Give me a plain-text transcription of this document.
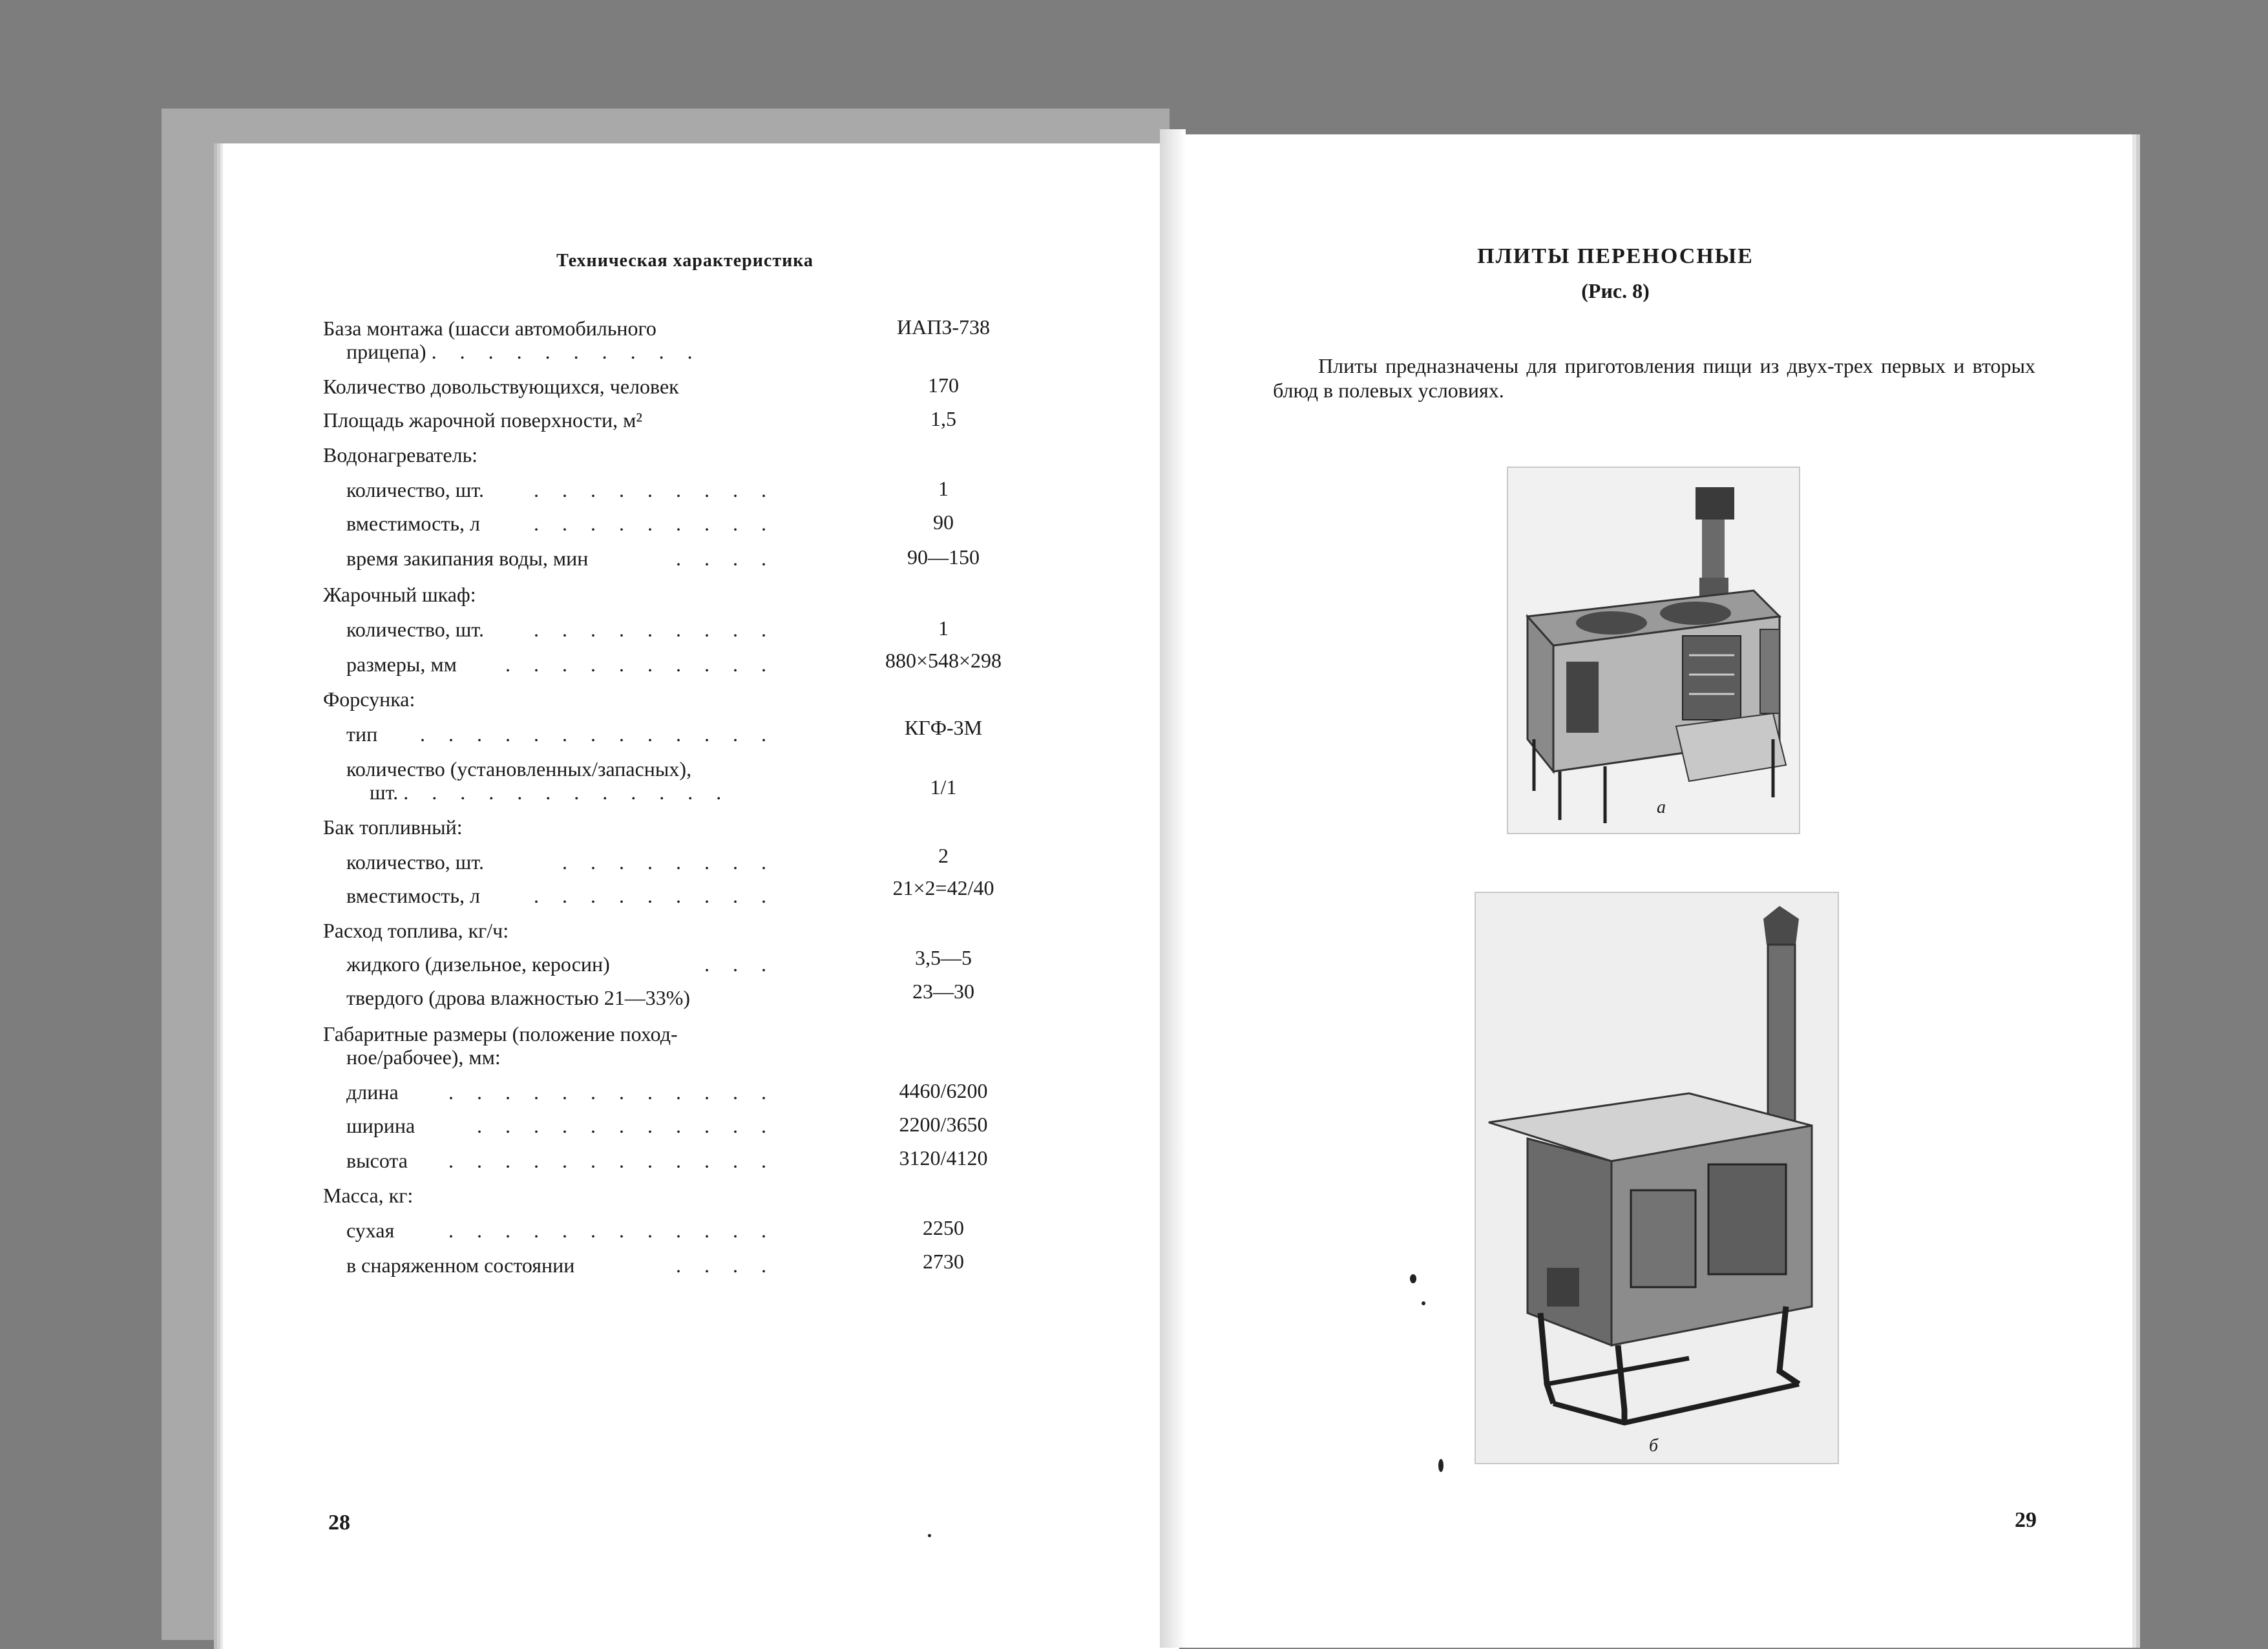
Техническая характеристика
База монтажа (шасси автомобильного
прицепа) . . . . . . . . . .
ИАПЗ-738
Количество довольствующихся, человек	170
Площадь жарочной поверхности, м²	1,5
Водонагреватель:
количество, шт. . . . . . . . . .	1
вместимость, л	. . . . . . . . .	90
время закипания воды, мин	. . . .	90—150
Жарочный шкаф:
количество, шт. . . . . . . . . .	1
размеры, мм . . . . . . . . . .	880×548×298
Форсунка:
тип . . . . . . . . . . . . .	КГФ-3М
количество (установленных/запасных),
шт. . . . . . . . . . . . .	1/1
Бак топливный:
количество, шт.	. . . . . . . .	2
вместимость, л	. . . . . . . . .	21×2=42/40
Расход топлива, кг/ч:
жидкого (дизельное, керосин)	. . .	3,5—5
твердого (дрова влажностью 21—33%)	23—30
Габаритные размеры (положение поход-
ное/рабочее), мм:
длина . . . . . . . . . . . .	4460/6200
ширина	. . . . . . . . . . .	2200/3650
высота . . . . . . . . . . . .	3120/4120
Масса, кг:
сухая	. . . . . . . . . . . .	2250
в снаряженном состоянии	. . . .	2730
28
ПЛИТЫ ПЕРЕНОСНЫЕ
(Рис. 8)
Плиты предназначены для приготовления пищи из двух-трех первых и вторых блюд в полевых условиях.
а
б
29
